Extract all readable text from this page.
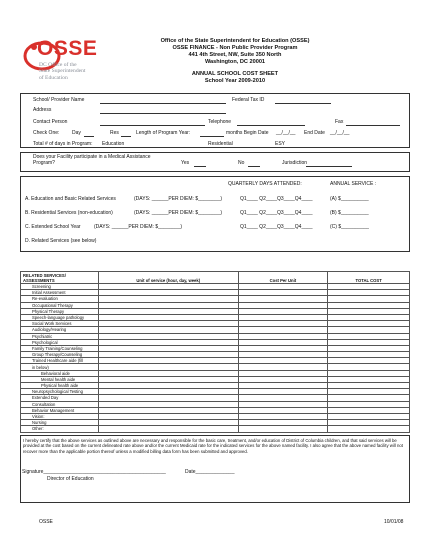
OSSE
DC Office of the State Superintendent of Education
Office of the State Superintendent for Education (OSSE)
OSSE FINANCE - Non Public Provider Program
441 4th Street, NW, Suite 350 North
Washington, DC 20001
ANNUAL SCHOOL COST SHEET
School Year 2009-2010
School/ Provider Name	Federal Tax ID
Address
Contact Person	Telephone	Fax
Check One:	Day	Res	Length of Program Year:	months Begin Date __/__/__ End Date __/__/__
Total # of days in Program: Education	Residential	ESY
Does your Facility participate in a Medical Assistance
Program?	Yes	No	Jurisdiction
QUARTERLY DAYS ATTENDED:	ANNUAL SERVICE :
A. Education and Basic Related Services	(DAYS: ______PER DIEM: $________)	Q1____ Q2____Q3____Q4____	(A) $__________
B. Residential Services (non-education)	(DAYS: ______PER DIEM: $________)	Q1____ Q2____Q3____Q4____	(B) $__________
C. Extended School Year	(DAYS: ______PER DIEM: $________)	Q1____ Q2____Q3____Q4____	(C) $__________
D. Related Services (see below)
RELATED SERVICES/
ASSESSMENTS	Unit of service (hour, day, week)	Cost Per Unit	TOTAL COST
Screening			
Initial Assessment			
Re-evaluation			
Occupational Therapy			
Physical Therapy			
Speech-language pathology			
Social Work Services			
Audiology/Hearing			
Psychiatric			
Psychological			
Family Training/Counseling			
Group Therapy/Counseling			
Trained Healthcare aide (fill			
in below)			
Behavioral aide			
Mental health aide			
Physical health aide			
Neuropsychological Testing			
Extended Day			
Consultation			
Behavior Management			
Vision:			
Nursing			
Other:			

I hereby certify that the above services as outlined above are necessary and responsible for the basic care, treatment, and/or education of District of Columbia children, and that said services will be provided at the cost based on the current delineated rate above and/or the current Medicaid rate for the indicated services for the above named facility. I also agree that the above named facility will not recover more than the applicable portion thereof unless a modified billing data form has been submitted and approved.

Signature____________________________________________	Date______________
Director of Education
OSSE	10/01/08
